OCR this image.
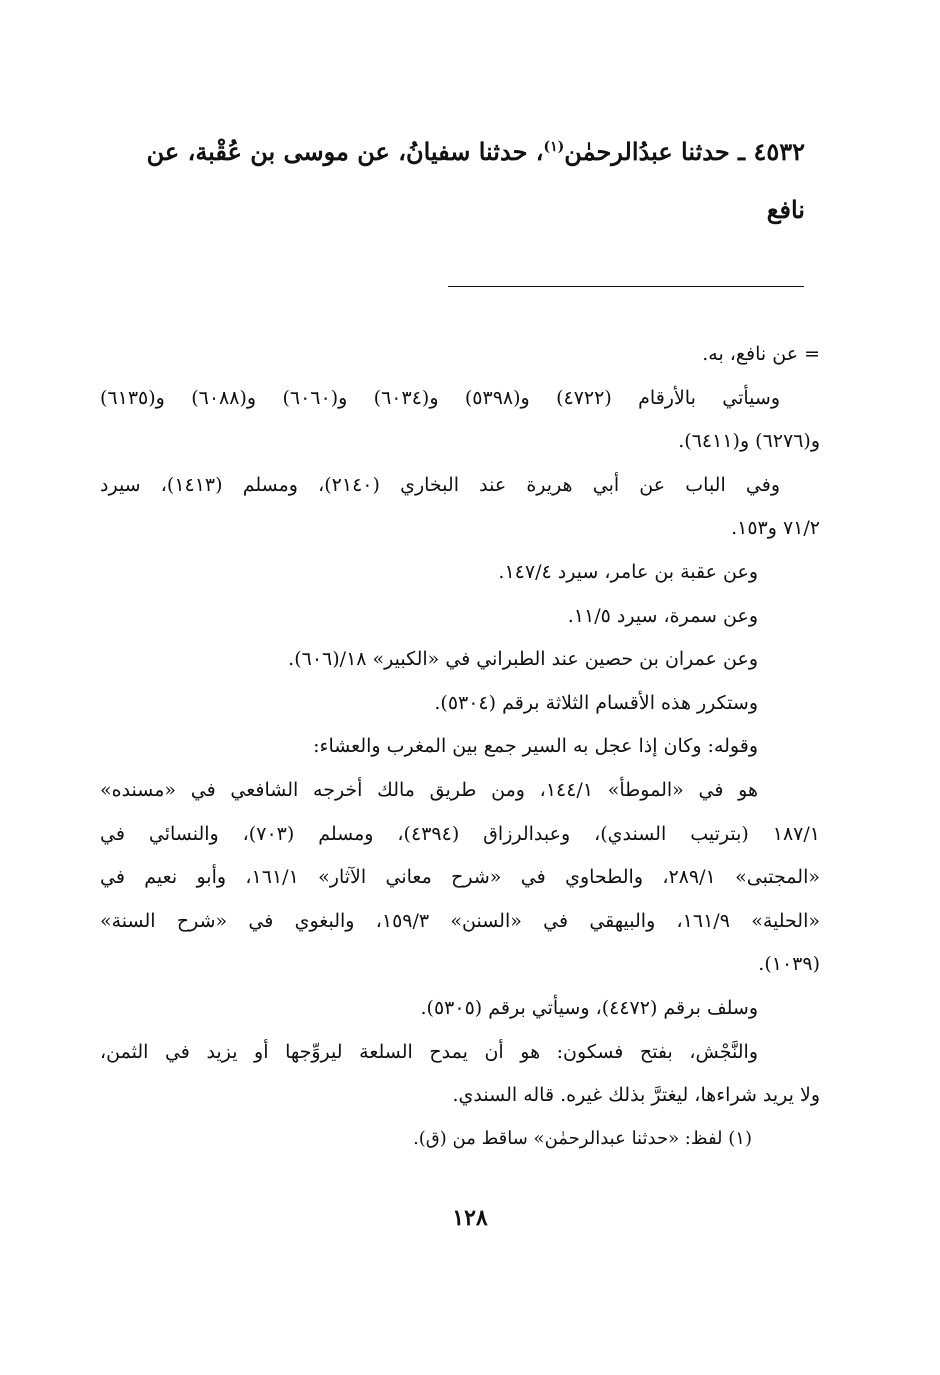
٤٥٣٢ ـ حدثنا عبدُالرحمٰن$^{(١)}$، حدثنا سفيانُ، عن موسى بن عُقْبة، عن
نافع
= عن نافع، به.
وسيأتي بالأرقام (٤٧٢٢) و(٥٣٩٨) و(٦٠٣٤) و(٦٠٦٠) و(٦٠٨٨) و(٦١٣٥)
و(٦٢٧٦) و(٦٤١١).
وفي الباب عن أبي هريرة عند البخاري (٢١٤٠)، ومسلم (١٤١٣)، سيرد
٧١/٢ و١٥٣.
وعن عقبة بن عامر، سيرد ١٤٧/٤.
وعن سمرة، سيرد ١١/٥.
وعن عمران بن حصين عند الطبراني في «الكبير» ١٨/(٦٠٦).
وستكرر هذه الأقسام الثلاثة برقم (٥٣٠٤).
وقوله: وكان إذا عجل به السير جمع بين المغرب والعشاء:
هو في «الموطأ» ١٤٤/١، ومن طريق مالك أخرجه الشافعي في «مسنده»
١٨٧/١ (بترتيب السندي)، وعبدالرزاق (٤٣٩٤)، ومسلم (٧٠٣)، والنسائي في
«المجتبى» ٢٨٩/١، والطحاوي في «شرح معاني الآثار» ١٦١/١، وأبو نعيم في
«الحلية» ١٦١/٩، والبيهقي في «السنن» ١٥٩/٣، والبغوي في «شرح السنة»
(١٠٣٩).
وسلف برقم (٤٤٧٢)، وسيأتي برقم (٥٣٠٥).
والنَّجْش، بفتح فسكون: هو أن يمدح السلعة ليروِّجها أو يزيد في الثمن،
ولا يريد شراءها، ليغترَّ بذلك غيره. قاله السندي.
(١) لفظ: «حدثنا عبدالرحمٰن» ساقط من (ق).
١٢٨
